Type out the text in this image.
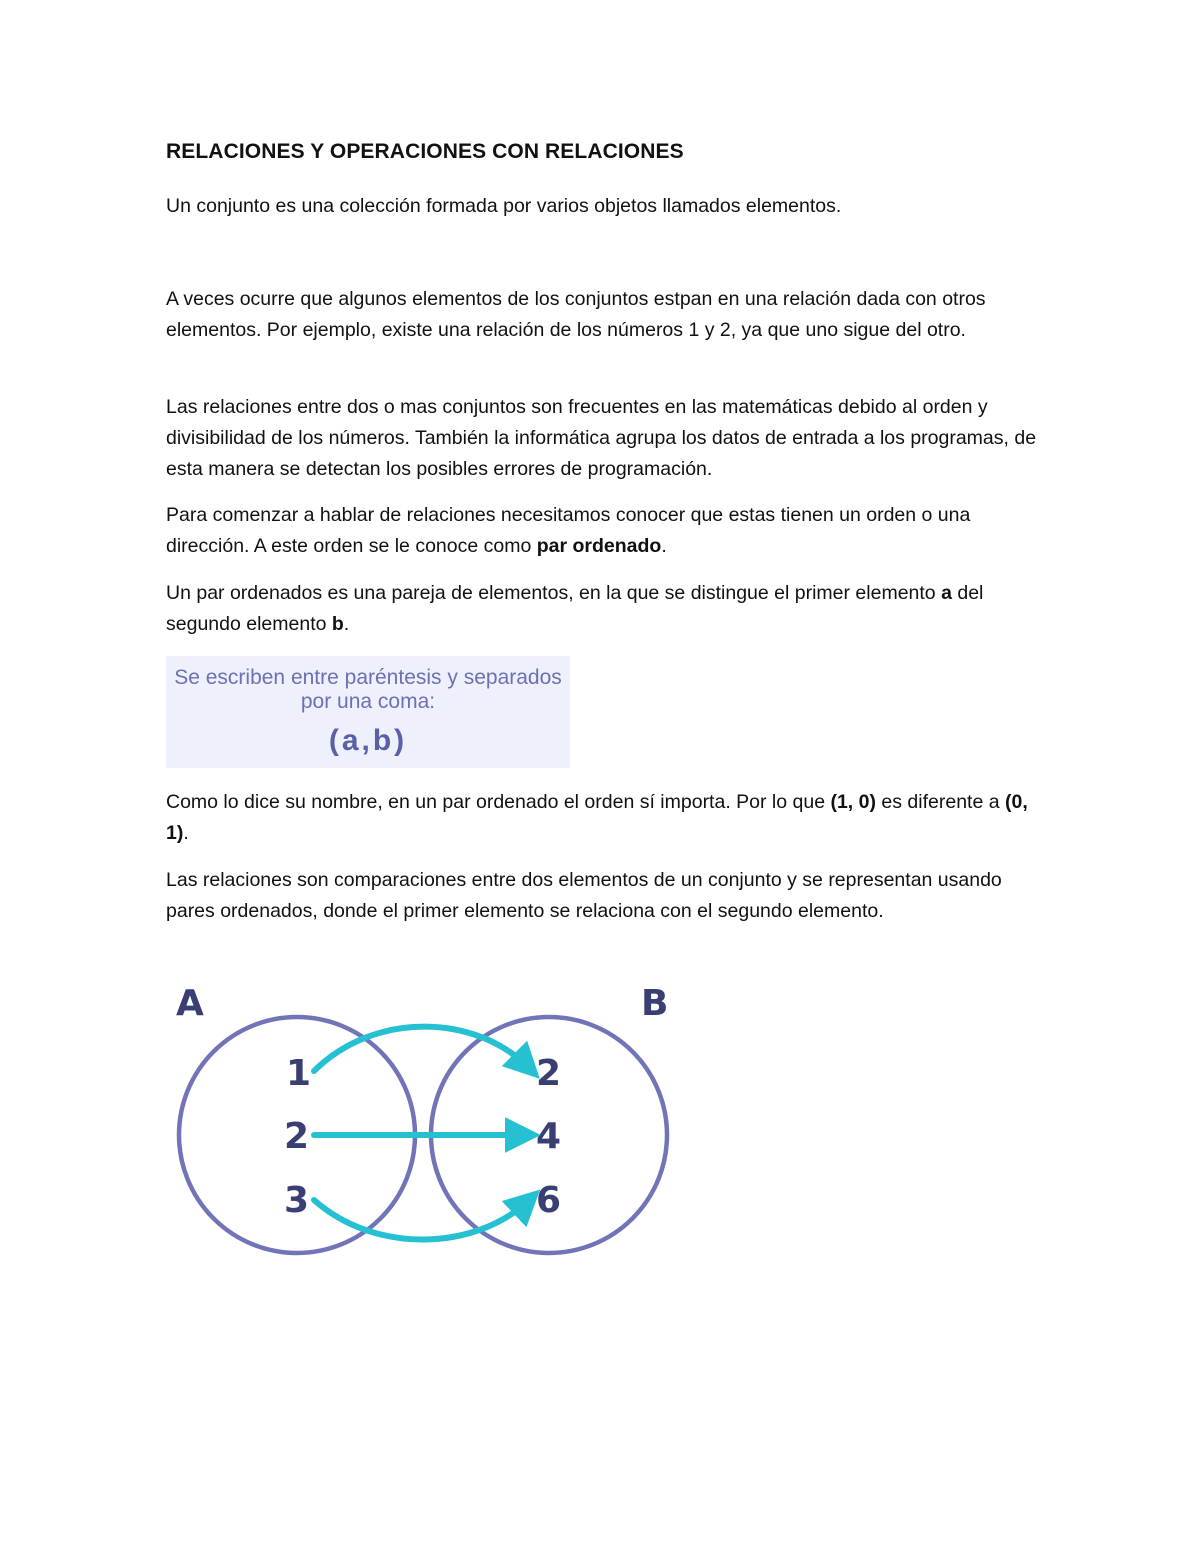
RELACIONES Y OPERACIONES CON RELACIONES

Un conjunto es una colección formada por varios objetos llamados elementos.

A veces ocurre que algunos elementos de los conjuntos estpan en una relación dada con otros elementos. Por ejemplo, existe una relación de los números 1 y 2, ya que uno sigue del otro.

Las relaciones entre dos o mas conjuntos son frecuentes en las matemáticas debido al orden y divisibilidad de los números. También la informática agrupa los datos de entrada a los programas, de esta manera se detectan los posibles errores de programación.

Para comenzar a hablar de relaciones necesitamos conocer que estas tienen un orden o una dirección. A este orden se le conoce como par ordenado.

Un par ordenados es una pareja de elementos, en la que se distingue el primer elemento a del segundo elemento b.

Se escriben entre paréntesis y separados
por una coma:
(a,b)

Como lo dice su nombre, en un par ordenado el orden sí importa. Por lo que (1, 0) es diferente a (0, 1).

Las relaciones son comparaciones entre dos elementos de un conjunto y se representan usando pares ordenados, donde el primer elemento se relaciona con el segundo elemento.

A	B
1
2
3
2
4
6
